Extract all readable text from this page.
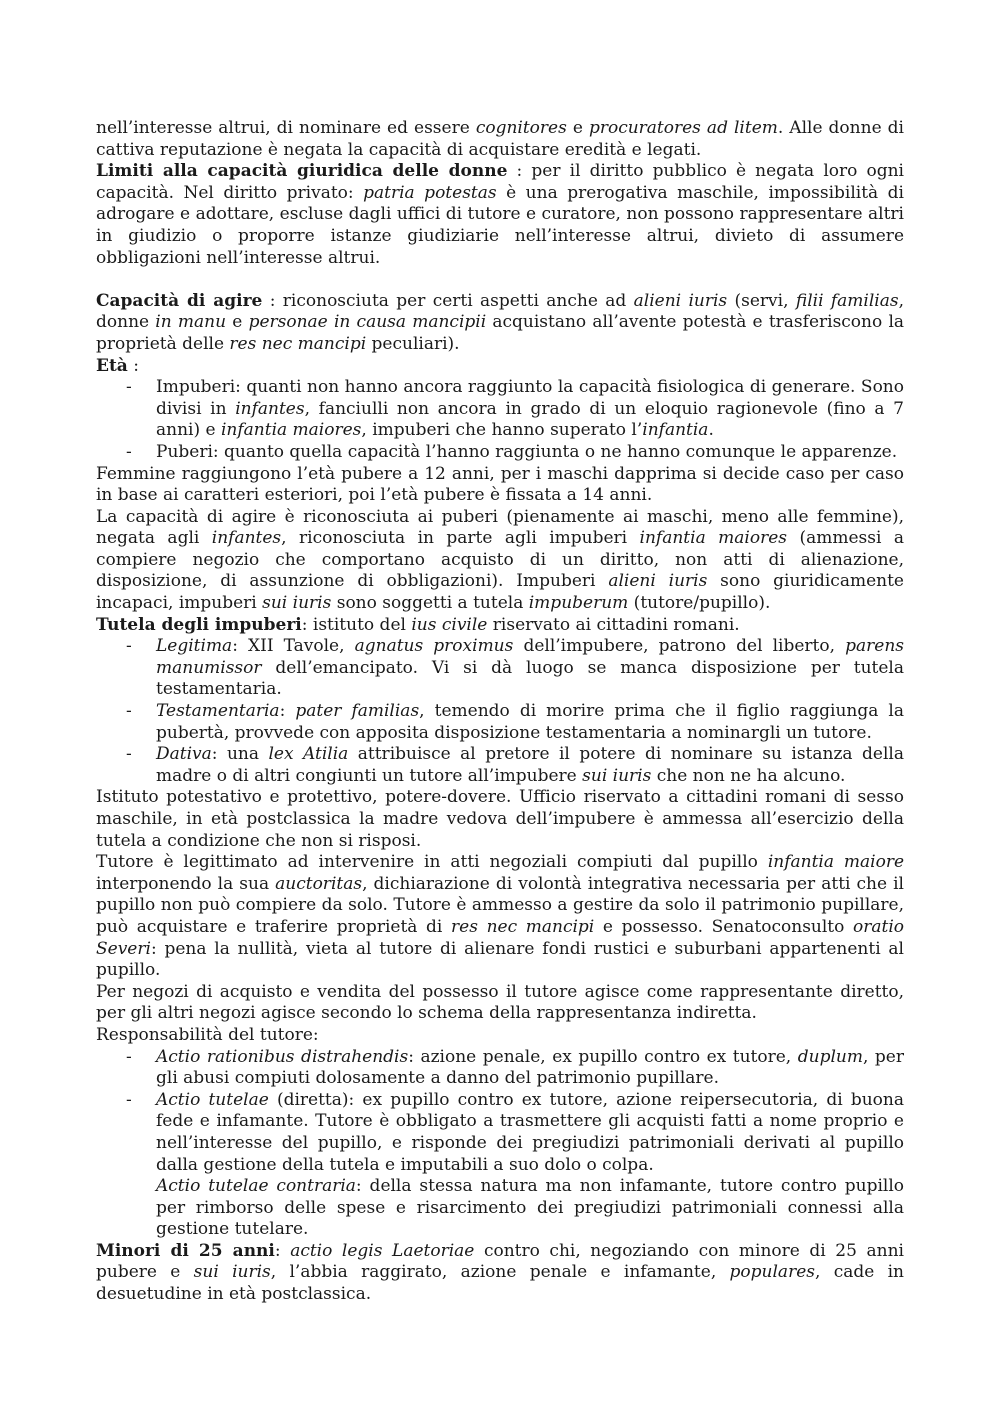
nell’interesse altrui, di nominare ed essere cognitores e procuratores ad litem. Alle donne di cattiva reputazione è negata la capacità di acquistare eredità e legati.

Limiti alla capacità giuridica delle donne : per il diritto pubblico è negata loro ogni capacità. Nel diritto privato: patria potestas è una prerogativa maschile, impossibilità di adrogare e adottare, escluse dagli uffici di tutore e curatore, non possono rappresentare altri in giudizio o proporre istanze giudiziarie nell’interesse altrui, divieto di assumere obbligazioni nell’interesse altrui.

Capacità di agire : riconosciuta per certi aspetti anche ad alieni iuris (servi, filii familias, donne in manu e personae in causa mancipii acquistano all’avente potestà e trasferiscono la proprietà delle res nec mancipi peculiari).

Età :

- Impuberi: quanti non hanno ancora raggiunto la capacità fisiologica di generare. Sono divisi in infantes, fanciulli non ancora in grado di un eloquio ragionevole (fino a 7 anni) e infantia maiores, impuberi che hanno superato l’infantia.
- Puberi: quanto quella capacità l’hanno raggiunta o ne hanno comunque le apparenze.

Femmine raggiungono l’età pubere a 12 anni, per i maschi dapprima si decide caso per caso in base ai caratteri esteriori, poi l’età pubere è fissata a 14 anni.

La capacità di agire è riconosciuta ai puberi (pienamente ai maschi, meno alle femmine), negata agli infantes, riconosciuta in parte agli impuberi infantia maiores (ammessi a compiere negozio che comportano acquisto di un diritto, non atti di alienazione, disposizione, di assunzione di obbligazioni). Impuberi alieni iuris sono giuridicamente incapaci, impuberi sui iuris sono soggetti a tutela impuberum (tutore/pupillo).

Tutela degli impuberi: istituto del ius civile riservato ai cittadini romani.

- Legitima: XII Tavole, agnatus proximus dell’impubere, patrono del liberto, parens manumissor dell’emancipato. Vi si dà luogo se manca disposizione per tutela testamentaria.
- Testamentaria: pater familias, temendo di morire prima che il figlio raggiunga la pubertà, provvede con apposita disposizione testamentaria a nominargli un tutore.
- Dativa: una lex Atilia attribuisce al pretore il potere di nominare su istanza della madre o di altri congiunti un tutore all’impubere sui iuris che non ne ha alcuno.

Istituto potestativo e protettivo, potere-dovere. Ufficio riservato a cittadini romani di sesso maschile, in età postclassica la madre vedova dell’impubere è ammessa all’esercizio della tutela a condizione che non si risposi.

Tutore è legittimato ad intervenire in atti negoziali compiuti dal pupillo infantia maiore interponendo la sua auctoritas, dichiarazione di volontà integrativa necessaria per atti che il pupillo non può compiere da solo. Tutore è ammesso a gestire da solo il patrimonio pupillare, può acquistare e traferire proprietà di res nec mancipi e possesso. Senatoconsulto oratio Severi: pena la nullità, vieta al tutore di alienare fondi rustici e suburbani appartenenti al pupillo.

Per negozi di acquisto e vendita del possesso il tutore agisce come rappresentante diretto, per gli altri negozi agisce secondo lo schema della rappresentanza indiretta.

Responsabilità del tutore:

- Actio rationibus distrahendis: azione penale, ex pupillo contro ex tutore, duplum, per gli abusi compiuti dolosamente a danno del patrimonio pupillare.
- Actio tutelae (diretta): ex pupillo contro ex tutore, azione reipersecutoria, di buona fede e infamante. Tutore è obbligato a trasmettere gli acquisti fatti a nome proprio e nell’interesse del pupillo, e risponde dei pregiudizi patrimoniali derivati al pupillo dalla gestione della tutela e imputabili a suo dolo o colpa.
Actio tutelae contraria: della stessa natura ma non infamante, tutore contro pupillo per rimborso delle spese e risarcimento dei pregiudizi patrimoniali connessi alla gestione tutelare.

Minori di 25 anni: actio legis Laetoriae contro chi, negoziando con minore di 25 anni pubere e sui iuris, l’abbia raggirato, azione penale e infamante, populares, cade in desuetudine in età postclassica.
